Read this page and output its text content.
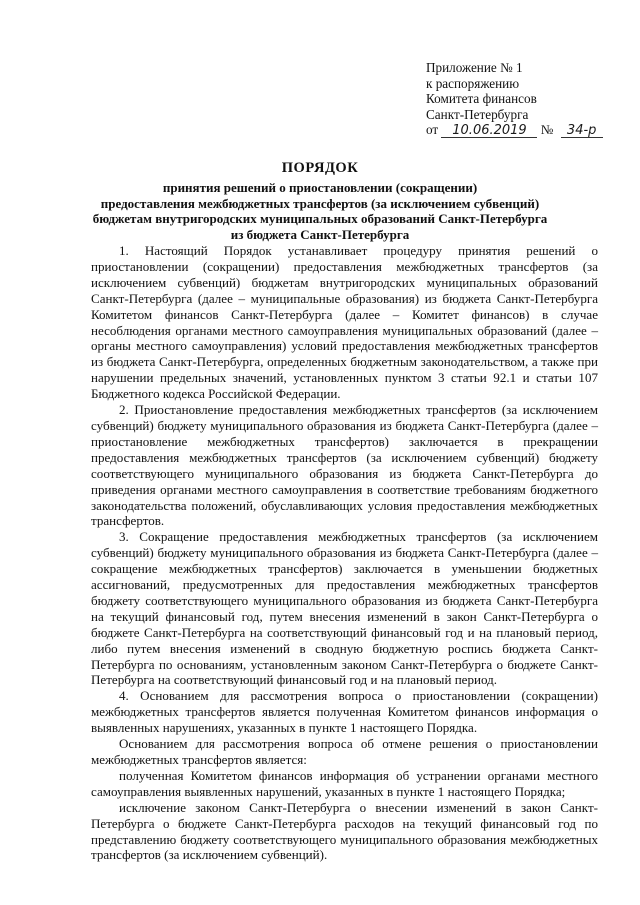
Приложение № 1
к распоряжению
Комитета финансов
Санкт-Петербурга
от 10.06.2019 № 34-р
ПОРЯДОК
принятия решений о приостановлении (сокращении)
предоставления межбюджетных трансфертов (за исключением субвенций)
бюджетам внутригородских муниципальных образований Санкт-Петербурга
из бюджета Санкт-Петербурга

1. Настоящий Порядок устанавливает процедуру принятия решений о приостановлении (сокращении) предоставления межбюджетных трансфертов (за исключением субвенций) бюджетам внутригородских муниципальных образований Санкт-Петербурга (далее – муниципальные образования) из бюджета Санкт-Петербурга Комитетом финансов Санкт-Петербурга (далее – Комитет финансов) в случае несоблюдения органами местного самоуправления муниципальных образований (далее – органы местного самоуправления) условий предоставления межбюджетных трансфертов из бюджета Санкт-Петербурга, определенных бюджетным законодательством, а также при нарушении предельных значений, установленных пунктом 3 статьи 92.1 и статьи 107 Бюджетного кодекса Российской Федерации.

2. Приостановление предоставления межбюджетных трансфертов (за исключением субвенций) бюджету муниципального образования из бюджета Санкт-Петербурга (далее – приостановление межбюджетных трансфертов) заключается в прекращении предоставления межбюджетных трансфертов (за исключением субвенций) бюджету соответствующего муниципального образования из бюджета Санкт-Петербурга до приведения органами местного самоуправления в соответствие требованиям бюджетного законодательства положений, обуславливающих условия предоставления межбюджетных трансфертов.

3. Сокращение предоставления межбюджетных трансфертов (за исключением субвенций) бюджету муниципального образования из бюджета Санкт-Петербурга (далее – сокращение межбюджетных трансфертов) заключается в уменьшении бюджетных ассигнований, предусмотренных для предоставления межбюджетных трансфертов бюджету соответствующего муниципального образования из бюджета Санкт-Петербурга на текущий финансовый год, путем внесения изменений в закон Санкт-Петербурга о бюджете Санкт-Петербурга на соответствующий финансовый год и на плановый период, либо путем внесения изменений в сводную бюджетную роспись бюджета Санкт-Петербурга по основаниям, установленным законом Санкт-Петербурга о бюджете Санкт-Петербурга на соответствующий финансовый год и на плановый период.

4. Основанием для рассмотрения вопроса о приостановлении (сокращении) межбюджетных трансфертов является полученная Комитетом финансов информация о выявленных нарушениях, указанных в пункте 1 настоящего Порядка.

Основанием для рассмотрения вопроса об отмене решения о приостановлении межбюджетных трансфертов является:

полученная Комитетом финансов информация об устранении органами местного самоуправления выявленных нарушений, указанных в пункте 1 настоящего Порядка;

исключение законом Санкт-Петербурга о внесении изменений в закон Санкт-Петербурга о бюджете Санкт-Петербурга расходов на текущий финансовый год по представлению бюджету соответствующего муниципального образования межбюджетных трансфертов (за исключением субвенций).
